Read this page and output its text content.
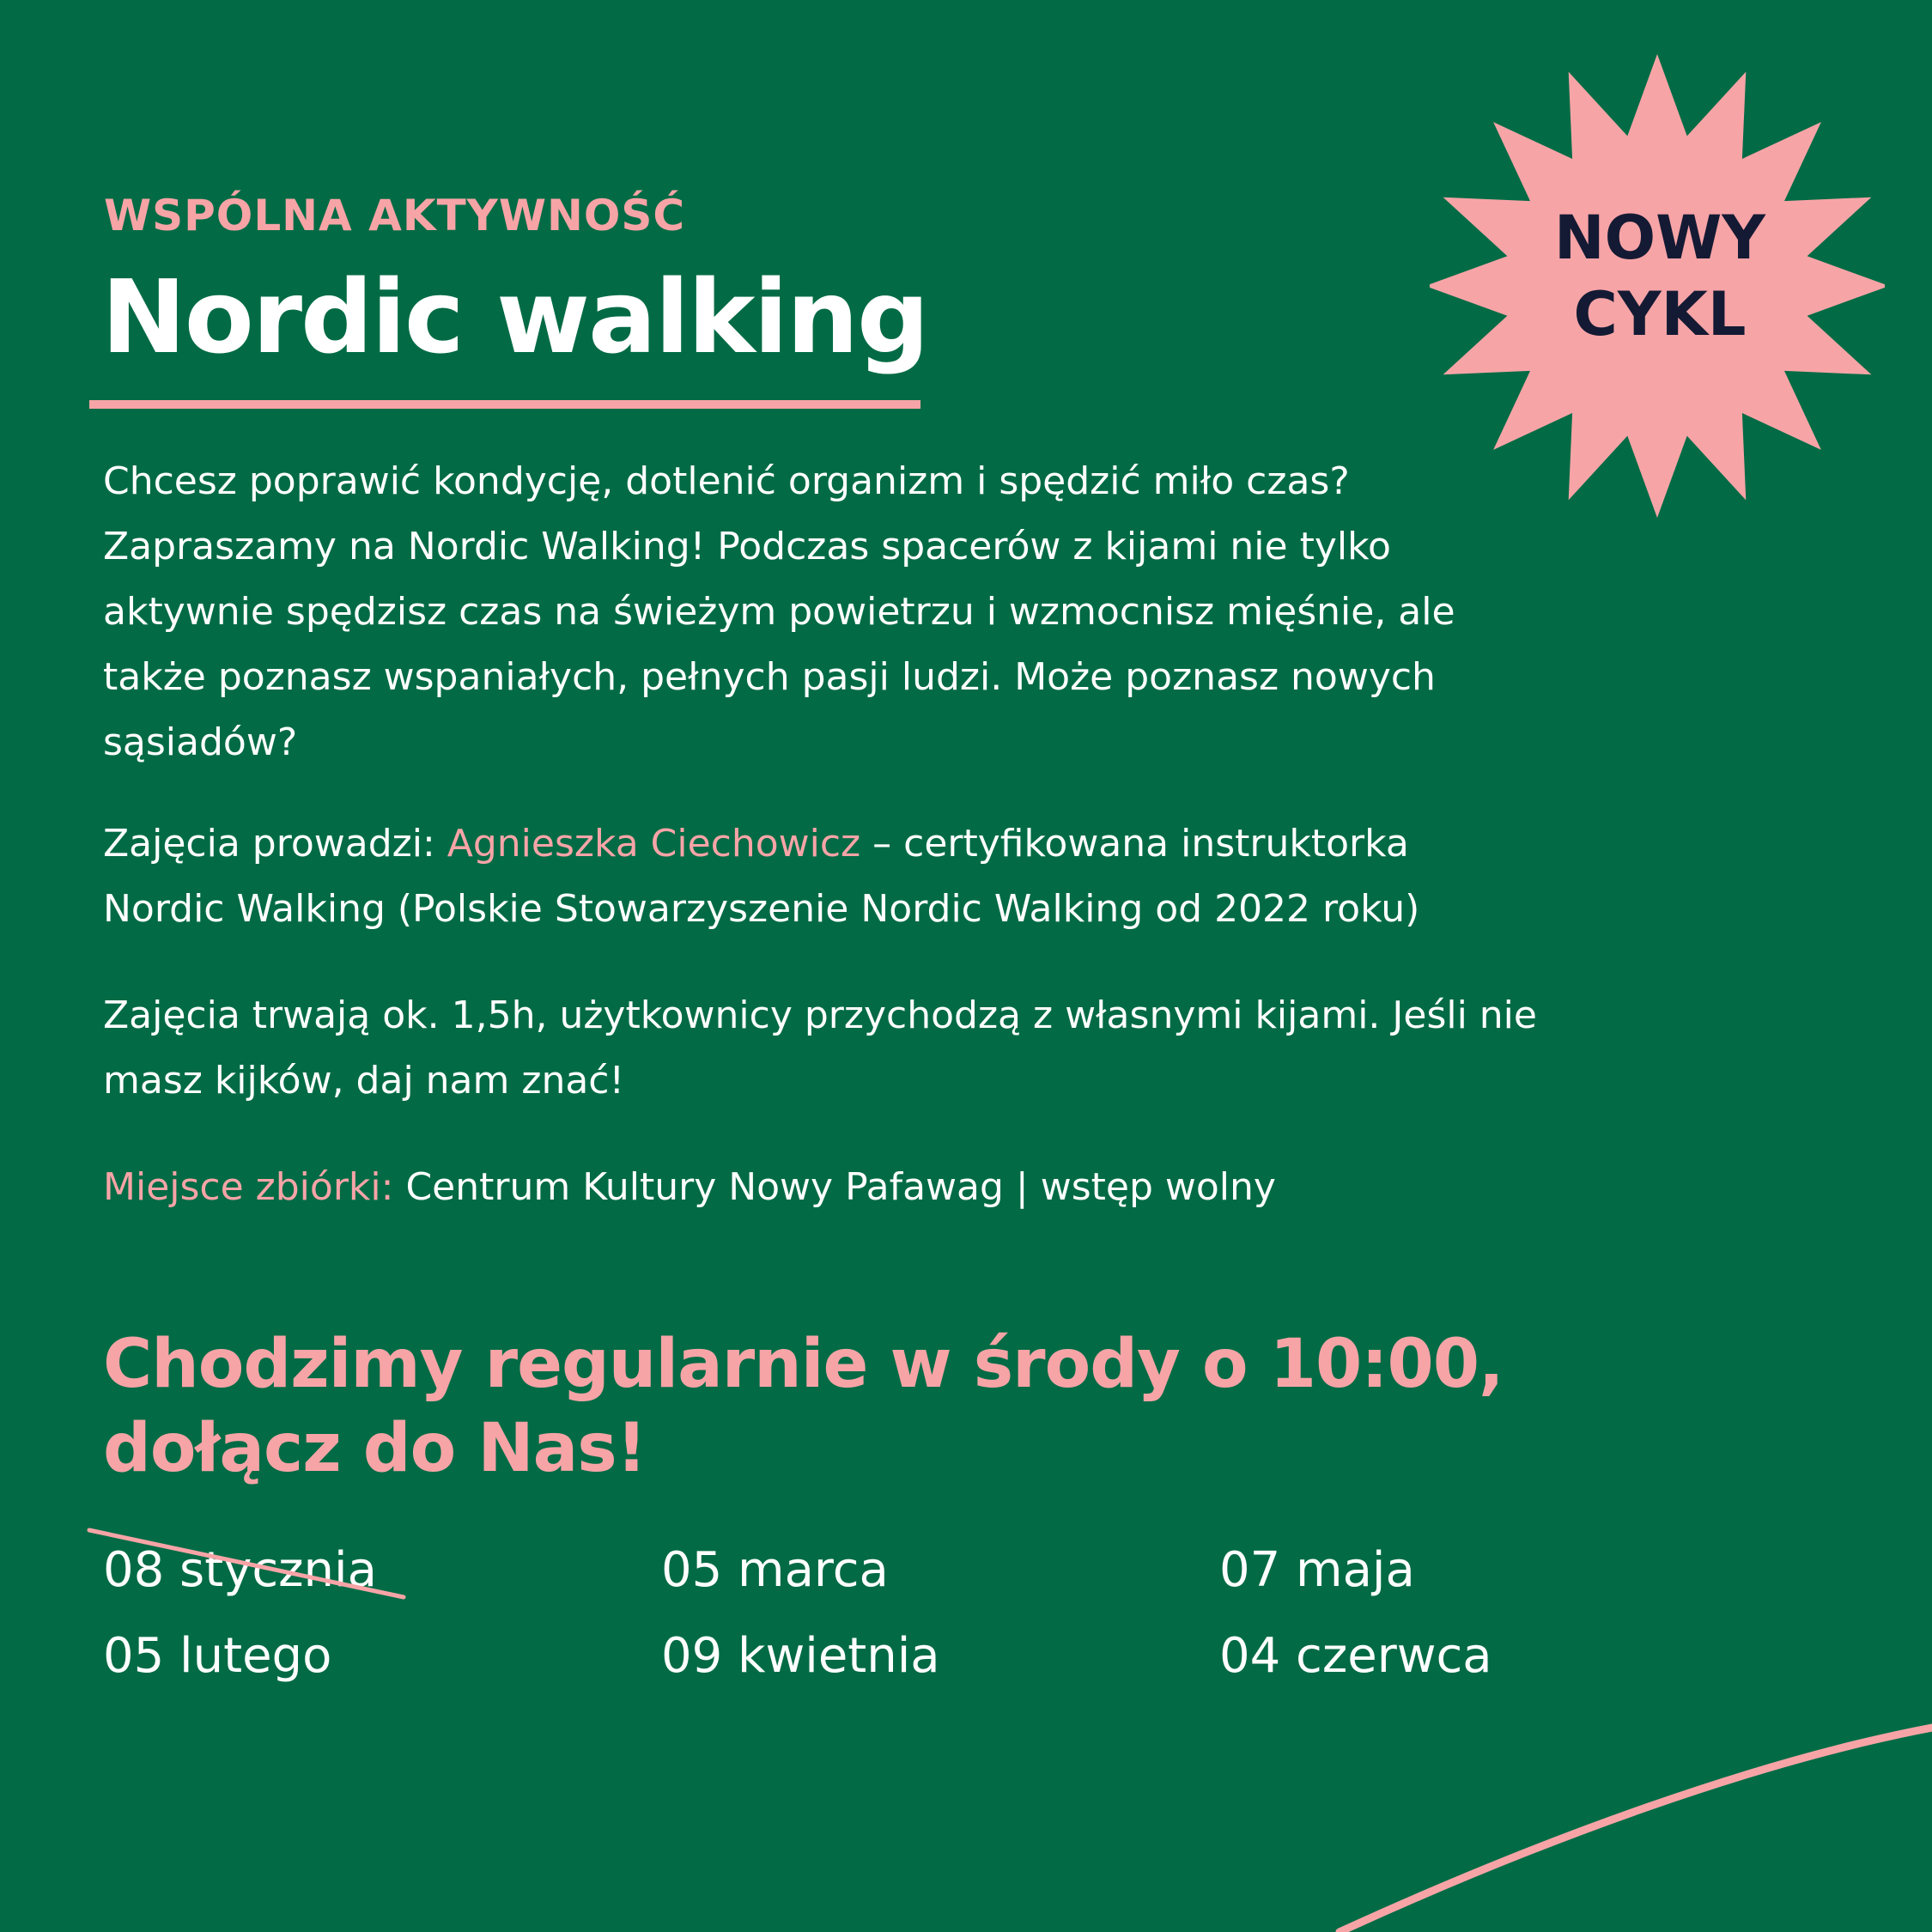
WSPÓLNA AKTYWNOŚĆ
Nordic walking
NOWY
CYKL
Chcesz poprawić kondycję, dotlenić organizm i spędzić miło czas?
Zapraszamy na Nordic Walking! Podczas spacerów z kijami nie tylko
aktywnie spędzisz czas na świeżym powietrzu i wzmocnisz mięśnie, ale
także poznasz wspaniałych, pełnych pasji ludzi. Może poznasz nowych
sąsiadów?
Zajęcia prowadzi: Agnieszka Ciechowicz – certyfikowana instruktorka
Nordic Walking (Polskie Stowarzyszenie Nordic Walking od 2022 roku)
Zajęcia trwają ok. 1,5h, użytkownicy przychodzą z własnymi kijami. Jeśli nie
masz kijków, daj nam znać!
Miejsce zbiórki: Centrum Kultury Nowy Pafawag | wstęp wolny
Chodzimy regularnie w środy o 10:00,
dołącz do Nas!
08 stycznia
05 lutego
05 marca
09 kwietnia
07 maja
04 czerwca
